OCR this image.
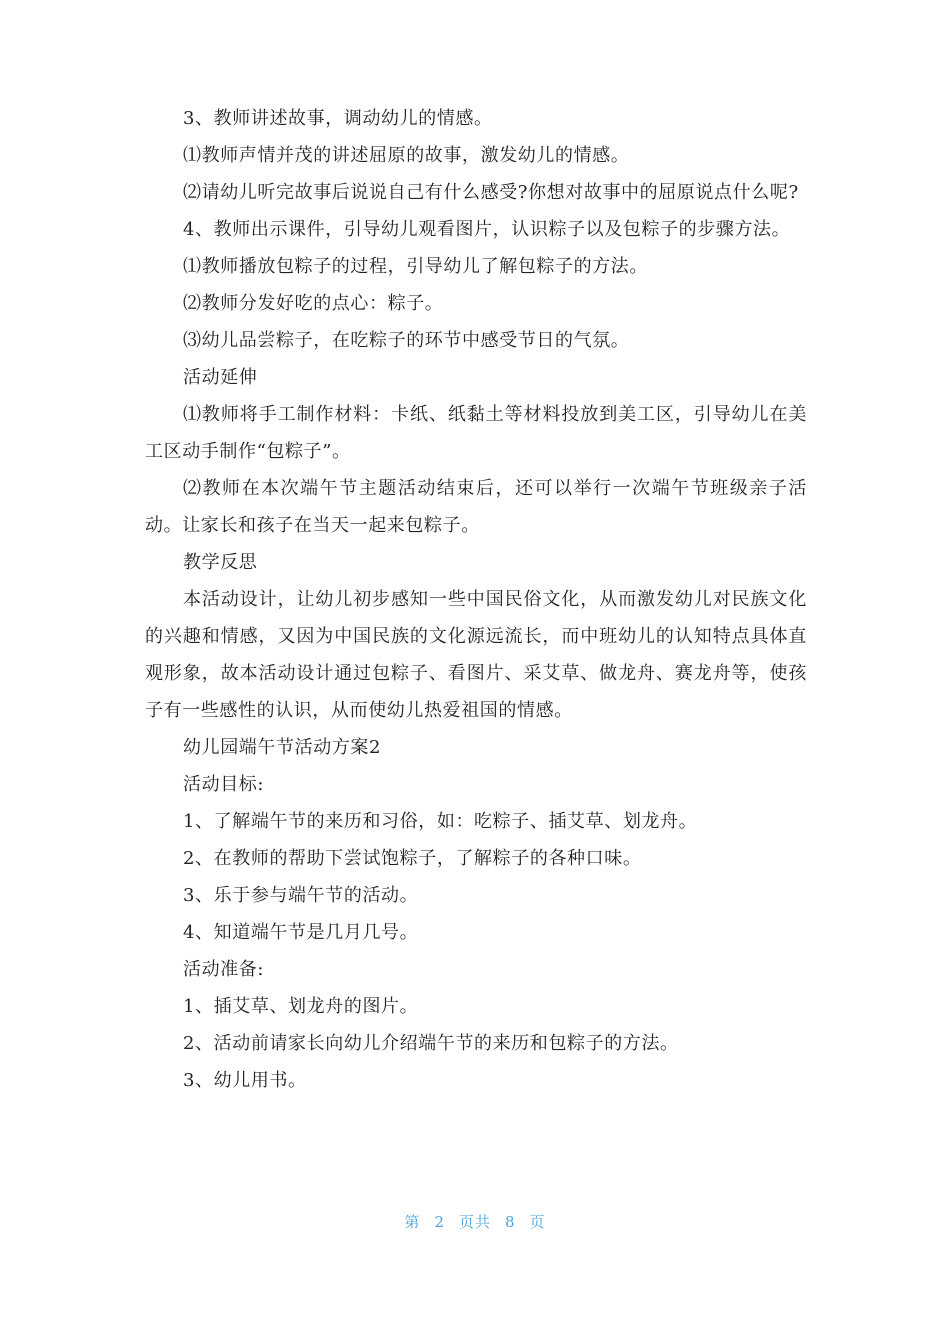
3、教师讲述故事，调动幼儿的情感。

⑴教师声情并茂的讲述屈原的故事，激发幼儿的情感。

⑵请幼儿听完故事后说说自己有什么感受?你想对故事中的屈原说点什么呢?

4、教师出示课件，引导幼儿观看图片，认识粽子以及包粽子的步骤方法。

⑴教师播放包粽子的过程，引导幼儿了解包粽子的方法。

⑵教师分发好吃的点心：粽子。

⑶幼儿品尝粽子，在吃粽子的环节中感受节日的气氛。

活动延伸

⑴教师将手工制作材料：卡纸、纸黏土等材料投放到美工区，引导幼儿在美工区动手制作“包粽子”。

⑵教师在本次端午节主题活动结束后，还可以举行一次端午节班级亲子活动。让家长和孩子在当天一起来包粽子。

教学反思

本活动设计，让幼儿初步感知一些中国民俗文化，从而激发幼儿对民族文化的兴趣和情感，又因为中国民族的文化源远流长，而中班幼儿的认知特点具体直观形象，故本活动设计通过包粽子、看图片、采艾草、做龙舟、赛龙舟等，使孩子有一些感性的认识，从而使幼儿热爱祖国的情感。

幼儿园端午节活动方案2

活动目标:

1、了解端午节的来历和习俗，如：吃粽子、插艾草、划龙舟。

2、在教师的帮助下尝试饱粽子，了解粽子的各种口味。

3、乐于参与端午节的活动。

4、知道端午节是几月几号。

活动准备:

1、插艾草、划龙舟的图片。

2、活动前请家长向幼儿介绍端午节的来历和包粽子的方法。

3、幼儿用书。

第 2 页共 8 页
